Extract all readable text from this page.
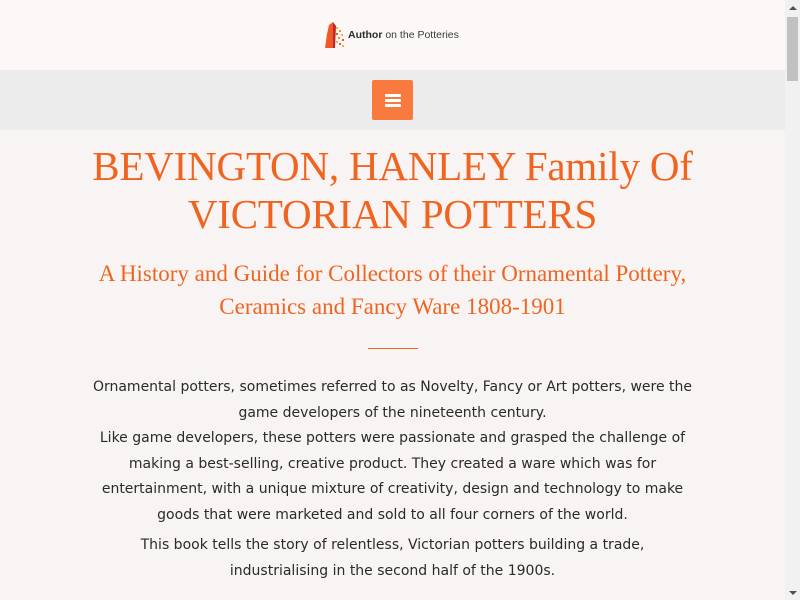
Author on the Potteries
BEVINGTON, HANLEY Family Of VICTORIAN POTTERS
A History and Guide for Collectors of their Ornamental Pottery, Ceramics and Fancy Ware 1808-1901

Ornamental potters, sometimes referred to as Novelty, Fancy or Art potters, were the game developers of the nineteenth century.

Like game developers, these potters were passionate and grasped the challenge of making a best-selling, creative product. They created a ware which was for entertainment, with a unique mixture of creativity, design and technology to make goods that were marketed and sold to all four corners of the world.

This book tells the story of relentless, Victorian potters building a trade, industrialising in the second half of the 1900s.
